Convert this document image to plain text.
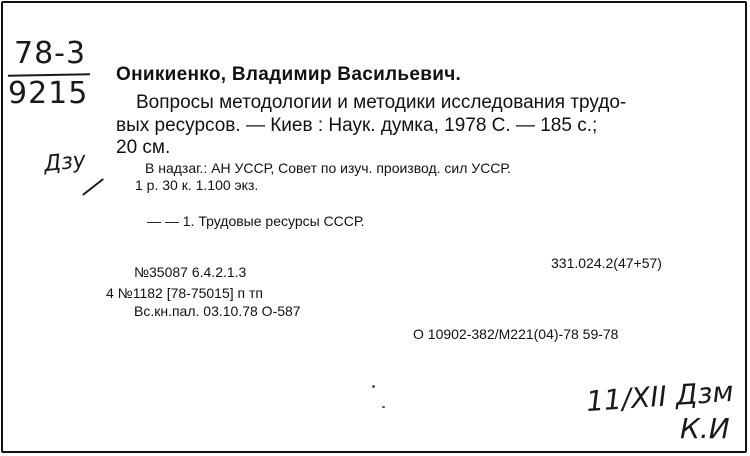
78-3
9215
Оникиенко, Владимир Васильевич.
Вопросы методологии и методики исследования трудо-
вых ресурсов. — Киев : Наук. думка, 1978 С. — 185 с.;
20 см.
Дзу	В надзаг.: АН УССР, Совет по изуч. производ. сил УССР.
1 р. 30 к. 1.100 экз.
— — 1. Трудовые ресурсы СССР.
331.024.2(47+57)
№35087 6.4.2.1.3
4 №1182 [78-75015] п тп
Вс.кн.пал. 03.10.78 О-587
О 10902-382/М221(04)-78 59-78
11/XII Дзм
К.И
